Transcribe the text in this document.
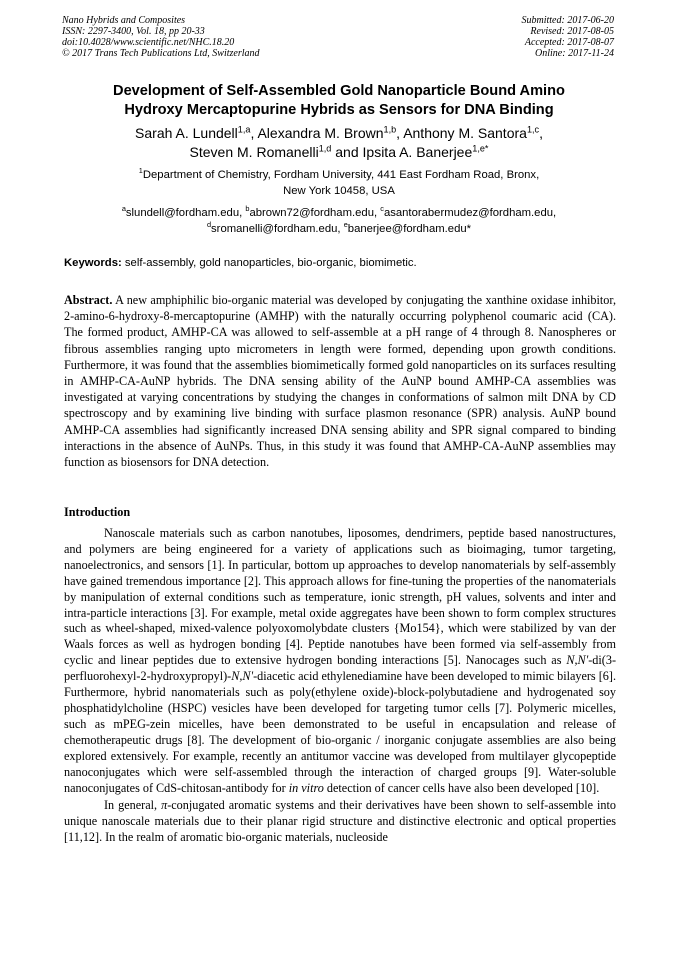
Nano Hybrids and Composites
ISSN: 2297-3400, Vol. 18, pp 20-33
doi:10.4028/www.scientific.net/NHC.18.20
© 2017 Trans Tech Publications Ltd, Switzerland
Submitted: 2017-06-20
Revised: 2017-08-05
Accepted: 2017-08-07
Online: 2017-11-24
Development of Self-Assembled Gold Nanoparticle Bound Amino
Hydroxy Mercaptopurine Hybrids as Sensors for DNA Binding
Sarah A. Lundell$^{1,a}$, Alexandra M. Brown$^{1,b}$, Anthony M. Santora$^{1,c}$,
Steven M. Romanelli$^{1,d}$ and Ipsita A. Banerjee$^{1,e*}$
$^1$Department of Chemistry, Fordham University, 441 East Fordham Road, Bronx,
New York 10458, USA
$^a$slundell@fordham.edu, $^b$abrown72@fordham.edu, $^c$asantorabermudez@fordham.edu,
$^d$sromanelli@fordham.edu, $^e$banerjee@fordham.edu*
Keywords: self-assembly, gold nanoparticles, bio-organic, biomimetic.
Abstract. A new amphiphilic bio-organic material was developed by conjugating the xanthine oxidase inhibitor, 2-amino-6-hydroxy-8-mercaptopurine (AMHP) with the naturally occurring polyphenol coumaric acid (CA). The formed product, AMHP-CA was allowed to self-assemble at a pH range of 4 through 8. Nanospheres or fibrous assemblies ranging upto micrometers in length were formed, depending upon growth conditions. Furthermore, it was found that the assemblies biomimetically formed gold nanoparticles on its surfaces resulting in AMHP-CA-AuNP hybrids. The DNA sensing ability of the AuNP bound AMHP-CA assemblies was investigated at varying concentrations by studying the changes in conformations of salmon milt DNA by CD spectroscopy and by examining live binding with surface plasmon resonance (SPR) analysis. AuNP bound AMHP-CA assemblies had significantly increased DNA sensing ability and SPR signal compared to binding interactions in the absence of AuNPs. Thus, in this study it was found that AMHP-CA-AuNP assemblies may function as biosensors for DNA detection.
Introduction

Nanoscale materials such as carbon nanotubes, liposomes, dendrimers, peptide based nanostructures, and polymers are being engineered for a variety of applications such as bioimaging, tumor targeting, nanoelectronics, and sensors [1]. In particular, bottom up approaches to develop nanomaterials by self-assembly have gained tremendous importance [2]. This approach allows for fine-tuning the properties of the nanomaterials by manipulation of external conditions such as temperature, ionic strength, pH values, solvents and inter and intra-particle interactions [3]. For example, metal oxide aggregates have been shown to form complex structures such as wheel-shaped, mixed-valence polyoxomolybdate clusters {Mo154}, which were stabilized by van der Waals forces as well as hydrogen bonding [4]. Peptide nanotubes have been formed via self-assembly from cyclic and linear peptides due to extensive hydrogen bonding interactions [5]. Nanocages such as N,N'-di(3-perfluorohexyl-2-hydroxypropyl)-N,N'-diacetic acid ethylenediamine have been developed to mimic bilayers [6]. Furthermore, hybrid nanomaterials such as poly(ethylene oxide)-block-polybutadiene and hydrogenated soy phosphatidylcholine (HSPC) vesicles have been developed for targeting tumor cells [7]. Polymeric micelles, such as mPEG-zein micelles, have been demonstrated to be useful in encapsulation and release of chemotherapeutic drugs [8]. The development of bio-organic / inorganic conjugate assemblies are also being explored extensively. For example, recently an antitumor vaccine was developed from multilayer glycopeptide nanoconjugates which were self-assembled through the interaction of charged groups [9]. Water-soluble nanoconjugates of CdS-chitosan-antibody for in vitro detection of cancer cells have also been developed [10].

In general, π-conjugated aromatic systems and their derivatives have been shown to self-assemble into unique nanoscale materials due to their planar rigid structure and distinctive electronic and optical properties [11,12]. In the realm of aromatic bio-organic materials, nucleoside
